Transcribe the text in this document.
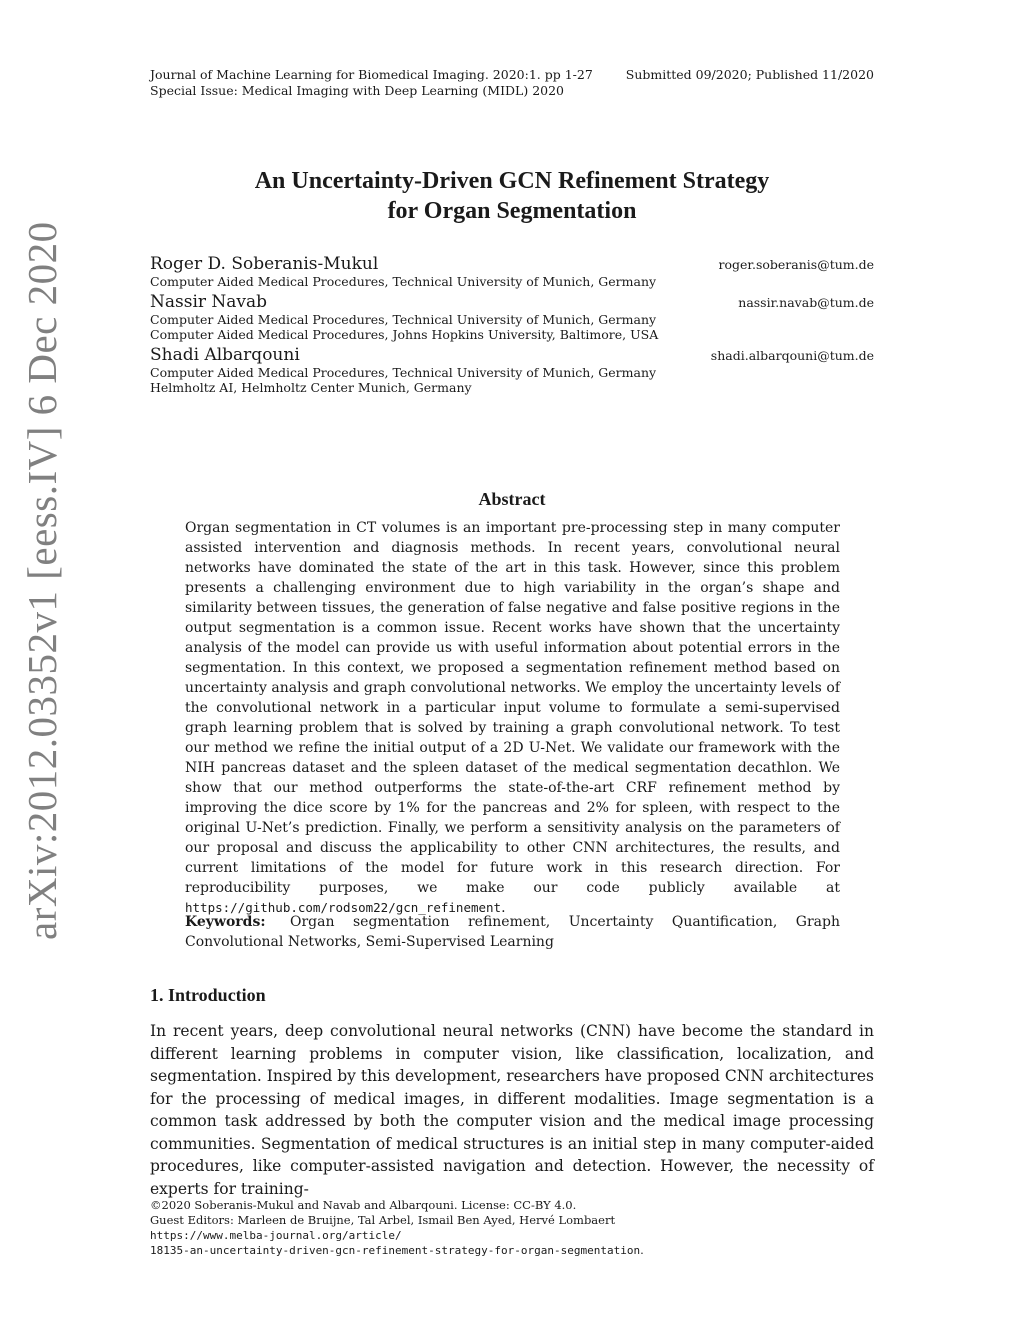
Journal of Machine Learning for Biomedical Imaging. 2020:1. pp 1-27	Submitted 09/2020; Published 11/2020
Special Issue: Medical Imaging with Deep Learning (MIDL) 2020
arXiv:2012.03352v1 [eess.IV] 6 Dec 2020
An Uncertainty-Driven GCN Refinement Strategy
for Organ Segmentation
Roger D. Soberanis-Mukul	roger.soberanis@tum.de
Computer Aided Medical Procedures, Technical University of Munich, Germany
Nassir Navab	nassir.navab@tum.de
Computer Aided Medical Procedures, Technical University of Munich, Germany
Computer Aided Medical Procedures, Johns Hopkins University, Baltimore, USA
Shadi Albarqouni	shadi.albarqouni@tum.de
Computer Aided Medical Procedures, Technical University of Munich, Germany
Helmholtz AI, Helmholtz Center Munich, Germany
Abstract
Organ segmentation in CT volumes is an important pre-processing step in many computer assisted intervention and diagnosis methods. In recent years, convolutional neural networks have dominated the state of the art in this task. However, since this problem presents a challenging environment due to high variability in the organ’s shape and similarity between tissues, the generation of false negative and false positive regions in the output segmentation is a common issue. Recent works have shown that the uncertainty analysis of the model can provide us with useful information about potential errors in the segmentation. In this context, we proposed a segmentation refinement method based on uncertainty analysis and graph convolutional networks. We employ the uncertainty levels of the convolutional network in a particular input volume to formulate a semi-supervised graph learning problem that is solved by training a graph convolutional network. To test our method we refine the initial output of a 2D U-Net. We validate our framework with the NIH pancreas dataset and the spleen dataset of the medical segmentation decathlon. We show that our method outperforms the state-of-the-art CRF refinement method by improving the dice score by 1% for the pancreas and 2% for spleen, with respect to the original U-Net’s prediction. Finally, we perform a sensitivity analysis on the parameters of our proposal and discuss the applicability to other CNN architectures, the results, and current limitations of the model for future work in this research direction. For reproducibility purposes, we make our code publicly available at https://github.com/rodsom22/gcn_refinement.
Keywords: Organ segmentation refinement, Uncertainty Quantification, Graph Convolutional Networks, Semi-Supervised Learning
1. Introduction
In recent years, deep convolutional neural networks (CNN) have become the standard in different learning problems in computer vision, like classification, localization, and segmentation. Inspired by this development, researchers have proposed CNN architectures for the processing of medical images, in different modalities. Image segmentation is a common task addressed by both the computer vision and the medical image processing communities. Segmentation of medical structures is an initial step in many computer-aided procedures, like computer-assisted navigation and detection. However, the necessity of experts for training-
©2020 Soberanis-Mukul and Navab and Albarqouni. License: CC-BY 4.0.
Guest Editors: Marleen de Bruijne, Tal Arbel, Ismail Ben Ayed, Hervé Lombaert
https://www.melba-journal.org/article/
18135-an-uncertainty-driven-gcn-refinement-strategy-for-organ-segmentation.
